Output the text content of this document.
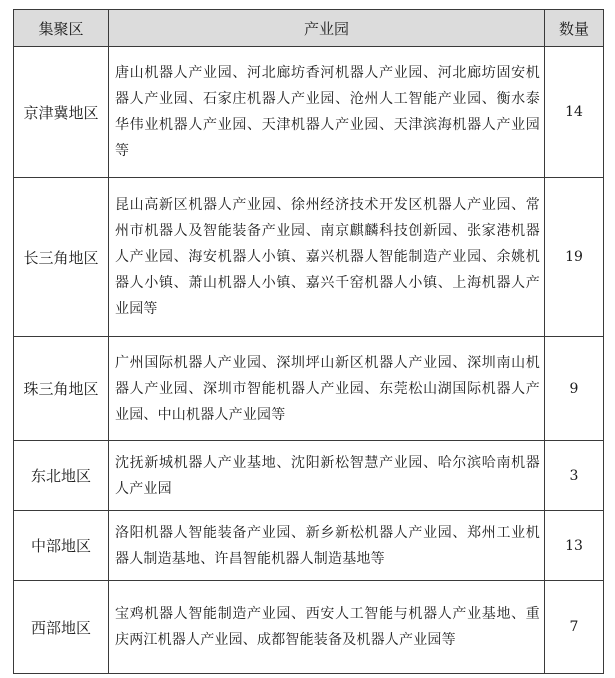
集聚区	产业园	数量
京津冀地区	唐山机器人产业园、河北廊坊香河机器人产业园、河北廊坊固安机器人产业园、石家庄机器人产业园、沧州人工智能产业园、衡水泰华伟业机器人产业园、天津机器人产业园、天津滨海机器人产业园等	14
长三角地区	昆山高新区机器人产业园、徐州经济技术开发区机器人产业园、常州市机器人及智能装备产业园、南京麒麟科技创新园、张家港机器人产业园、海安机器人小镇、嘉兴机器人智能制造产业园、余姚机器人小镇、萧山机器人小镇、嘉兴千窑机器人小镇、上海机器人产业园等	19
珠三角地区	广州国际机器人产业园、深圳坪山新区机器人产业园、深圳南山机器人产业园、深圳市智能机器人产业园、东莞松山湖国际机器人产业园、中山机器人产业园等	9
东北地区	沈抚新城机器人产业基地、沈阳新松智慧产业园、哈尔滨哈南机器人产业园	3
中部地区	洛阳机器人智能装备产业园、新乡新松机器人产业园、郑州工业机器人制造基地、许昌智能机器人制造基地等	13
西部地区	宝鸡机器人智能制造产业园、西安人工智能与机器人产业基地、重庆两江机器人产业园、成都智能装备及机器人产业园等	7
